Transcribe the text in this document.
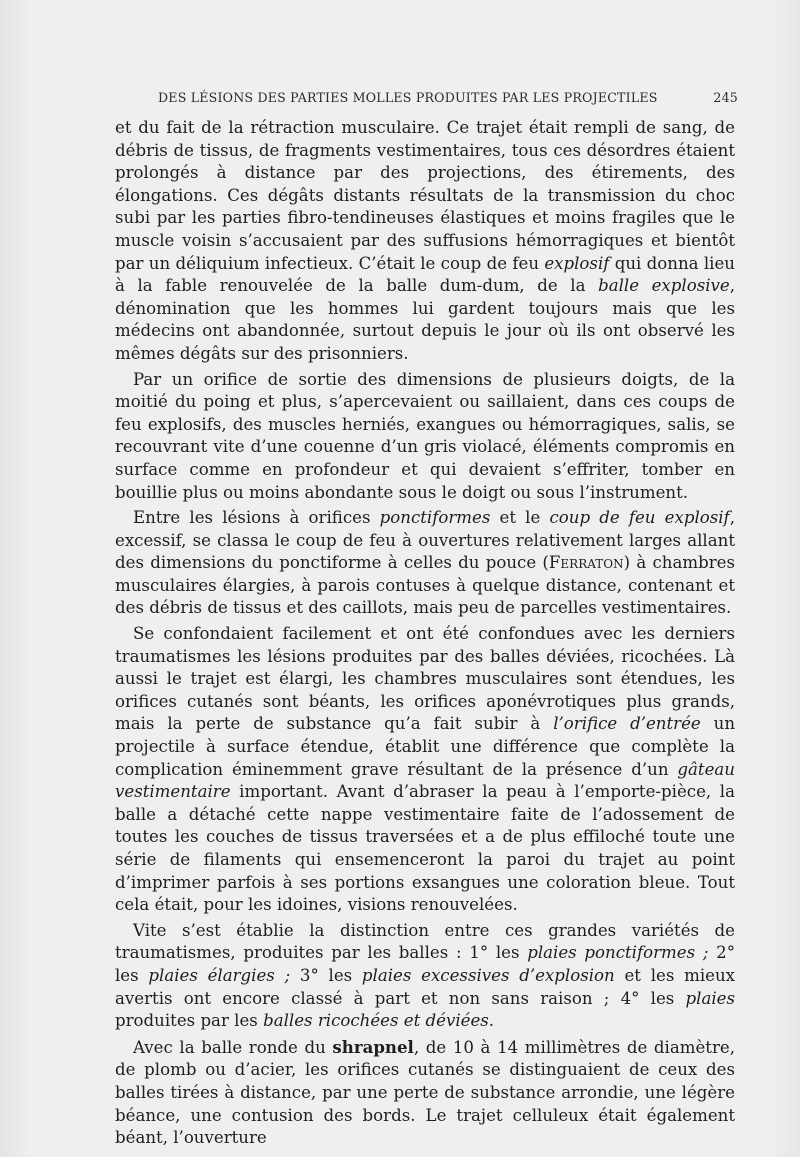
DES LÉSIONS DES PARTIES MOLLES PRODUITES PAR LES PROJECTILES	245

et du fait de la rétraction musculaire. Ce trajet était rempli de sang, de débris de tissus, de fragments vestimentaires, tous ces désordres étaient prolongés à distance par des projections, des étirements, des élongations. Ces dégâts distants résultats de la transmission du choc subi par les parties fibro-tendineuses élastiques et moins fragiles que le muscle voisin s’accusaient par des suffusions hémorragiques et bientôt par un déliquium infectieux. C’était le coup de feu explosif qui donna lieu à la fable renouvelée de la balle dum-dum, de la balle explosive, dénomination que les hommes lui gardent toujours mais que les médecins ont abandonnée, surtout depuis le jour où ils ont observé les mêmes dégâts sur des prisonniers.

Par un orifice de sortie des dimensions de plusieurs doigts, de la moitié du poing et plus, s’apercevaient ou saillaient, dans ces coups de feu explosifs, des muscles herniés, exangues ou hémorragiques, salis, se recouvrant vite d’une couenne d’un gris violacé, éléments compromis en surface comme en profondeur et qui devaient s’effriter, tomber en bouillie plus ou moins abondante sous le doigt ou sous l’instrument.

Entre les lésions à orifices ponctiformes et le coup de feu explosif, excessif, se classa le coup de feu à ouvertures relativement larges allant des dimensions du ponctiforme à celles du pouce (Ferraton) à chambres musculaires élargies, à parois contuses à quelque distance, contenant et des débris de tissus et des caillots, mais peu de parcelles vestimentaires.

Se confondaient facilement et ont été confondues avec les derniers traumatismes les lésions produites par des balles déviées, ricochées. Là aussi le trajet est élargi, les chambres musculaires sont étendues, les orifices cutanés sont béants, les orifices aponévrotiques plus grands, mais la perte de substance qu’a fait subir à l’orifice d’entrée un projectile à surface étendue, établit une différence que complète la complication éminemment grave résultant de la présence d’un gâteau vestimentaire important. Avant d’abraser la peau à l’emporte-pièce, la balle a détaché cette nappe vestimentaire faite de l’adossement de toutes les couches de tissus traversées et a de plus effiloché toute une série de filaments qui ensemenceront la paroi du trajet au point d’imprimer parfois à ses portions exsangues une coloration bleue. Tout cela était, pour les idoines, visions renouvelées.

Vite s’est établie la distinction entre ces grandes variétés de traumatismes, produites par les balles : 1° les plaies ponctiformes ; 2° les plaies élargies ; 3° les plaies excessives d’explosion et les mieux avertis ont encore classé à part et non sans raison ; 4° les plaies produites par les balles ricochées et déviées.

Avec la balle ronde du shrapnel, de 10 à 14 millimètres de diamètre, de plomb ou d’acier, les orifices cutanés se distinguaient de ceux des balles tirées à distance, par une perte de substance arrondie, une légère béance, une contusion des bords. Le trajet celluleux était également béant, l’ouverture
